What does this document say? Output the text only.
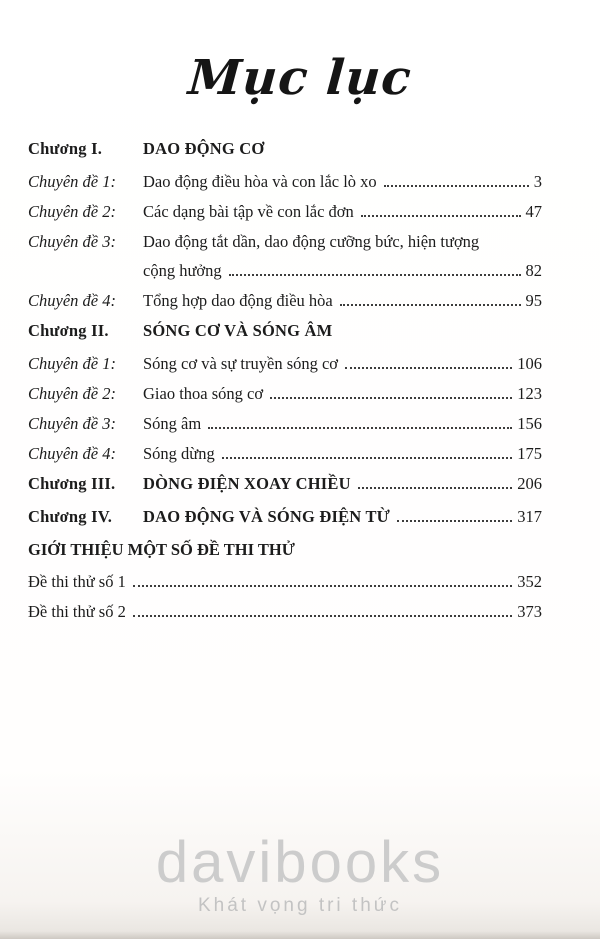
Mục lục
Chương I.	DAO ĐỘNG CƠ
Chuyên đề 1:	Dao động điều hòa và con lắc lò xo	3
Chuyên đề 2:	Các dạng bài tập về con lắc đơn	47
Chuyên đề 3:	Dao động tắt dần, dao động cưỡng bức, hiện tượng
cộng hưởng	82
Chuyên đề 4:	Tổng hợp dao động điều hòa	95
Chương II.	SÓNG CƠ VÀ SÓNG ÂM
Chuyên đề 1:	Sóng cơ và sự truyền sóng cơ	106
Chuyên đề 2:	Giao thoa sóng cơ	123
Chuyên đề 3:	Sóng âm	156
Chuyên đề 4:	Sóng dừng	175
Chương III.	DÒNG ĐIỆN XOAY CHIỀU	206
Chương IV.	DAO ĐỘNG VÀ SÓNG ĐIỆN TỪ	317
GIỚI THIỆU MỘT SỐ ĐỀ THI THỬ
Đề thi thử số 1	352
Đề thi thử số 2	373
davibooks
Khát vọng tri thức
